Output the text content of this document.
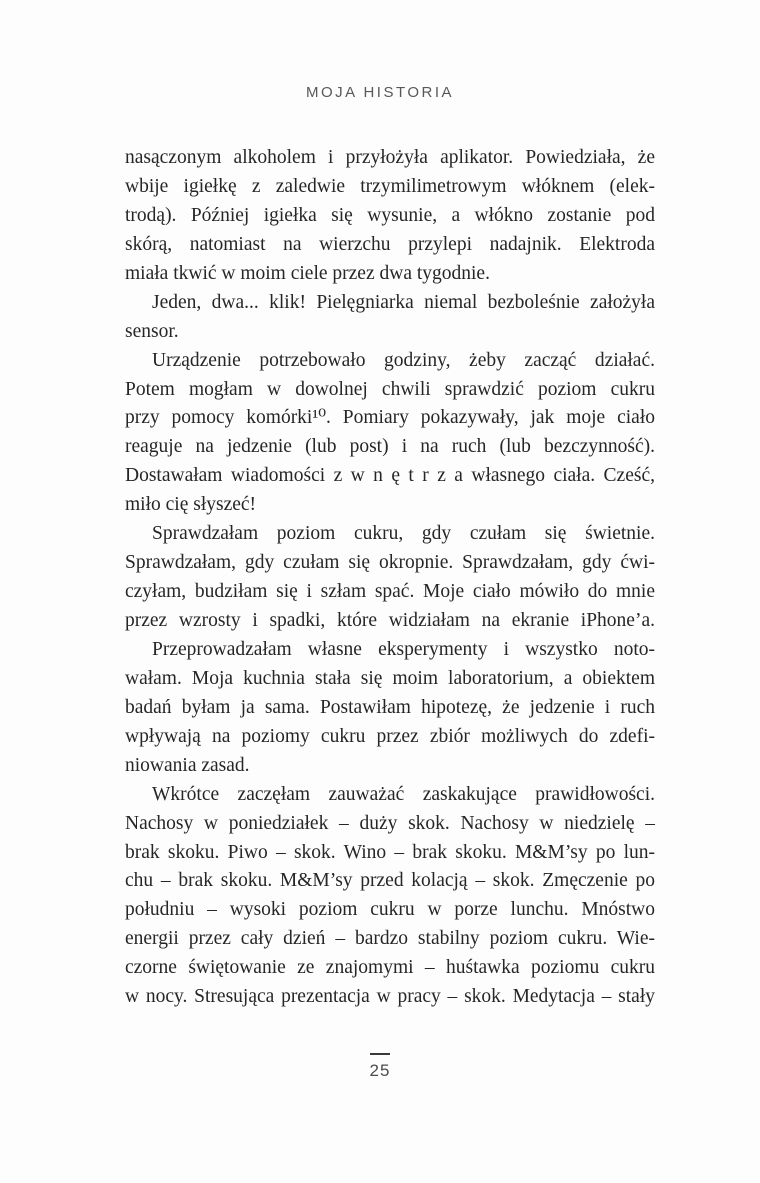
MOJA HISTORIA
nasączonym alkoholem i przyłożyła aplikator. Powiedziała, że
wbije igiełkę z zaledwie trzymilimetrowym włóknem (elek-
trodą). Później igiełka się wysunie, a włókno zostanie pod
skórą, natomiast na wierzchu przylepi nadajnik. Elektroda
miała tkwić w moim ciele przez dwa tygodnie.
Jeden, dwa... klik! Pielęgniarka niemal bezboleśnie założyła
sensor.
Urządzenie potrzebowało godziny, żeby zacząć działać.
Potem mogłam w dowolnej chwili sprawdzić poziom cukru
przy pomocy komórki¹⁰. Pomiary pokazywały, jak moje ciało
reaguje na jedzenie (lub post) i na ruch (lub bezczynność).
Dostawałam wiadomości z w n ę t r z a własnego ciała. Cześć,
miło cię słyszeć!
Sprawdzałam poziom cukru, gdy czułam się świetnie.
Sprawdzałam, gdy czułam się okropnie. Sprawdzałam, gdy ćwi-
czyłam, budziłam się i szłam spać. Moje ciało mówiło do mnie
przez wzrosty i spadki, które widziałam na ekranie iPhone’a.
Przeprowadzałam własne eksperymenty i wszystko noto-
wałam. Moja kuchnia stała się moim laboratorium, a obiektem
badań byłam ja sama. Postawiłam hipotezę, że jedzenie i ruch
wpływają na poziomy cukru przez zbiór możliwych do zdefi-
niowania zasad.
Wkrótce zaczęłam zauważać zaskakujące prawidłowości.
Nachosy w poniedziałek – duży skok. Nachosy w niedzielę –
brak skoku. Piwo – skok. Wino – brak skoku. M&M’sy po lun-
chu – brak skoku. M&M’sy przed kolacją – skok. Zmęczenie po
południu – wysoki poziom cukru w porze lunchu. Mnóstwo
energii przez cały dzień – bardzo stabilny poziom cukru. Wie-
czorne świętowanie ze znajomymi – huśtawka poziomu cukru
w nocy. Stresująca prezentacja w pracy – skok. Medytacja – stały
25
